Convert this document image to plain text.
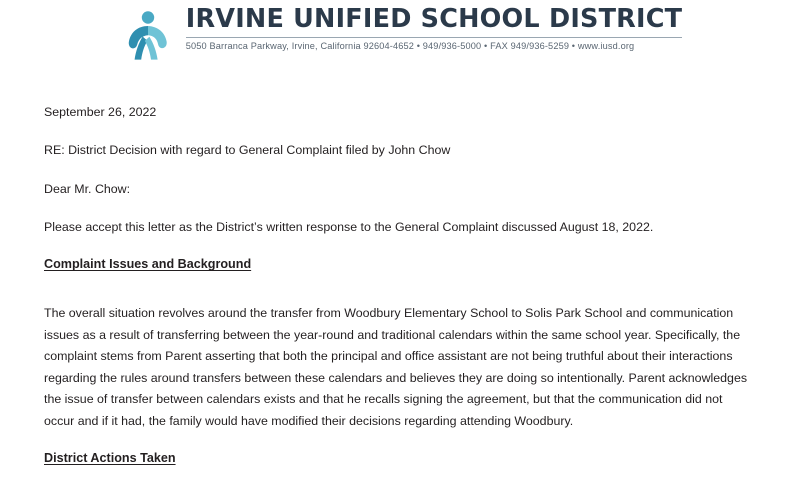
IRVINE UNIFIED SCHOOL DISTRICT
5050 Barranca Parkway, Irvine, California 92604-4652 • 949/936-5000 • FAX 949/936-5259 • www.iusd.org

September 26, 2022

RE: District Decision with regard to General Complaint filed by John Chow

Dear Mr. Chow:

Please accept this letter as the District’s written response to the General Complaint discussed August 18, 2022.

Complaint Issues and Background
The overall situation revolves around the transfer from Woodbury Elementary School to Solis Park School and communication issues as a result of transferring between the year-round and traditional calendars within the same school year. Specifically, the complaint stems from Parent asserting that both the principal and office assistant are not being truthful about their interactions regarding the rules around transfers between these calendars and believes they are doing so intentionally. Parent acknowledges the issue of transfer between calendars exists and that he recalls signing the agreement, but that the communication did not occur and if it had, the family would have modified their decisions regarding attending Woodbury.
District Actions Taken
